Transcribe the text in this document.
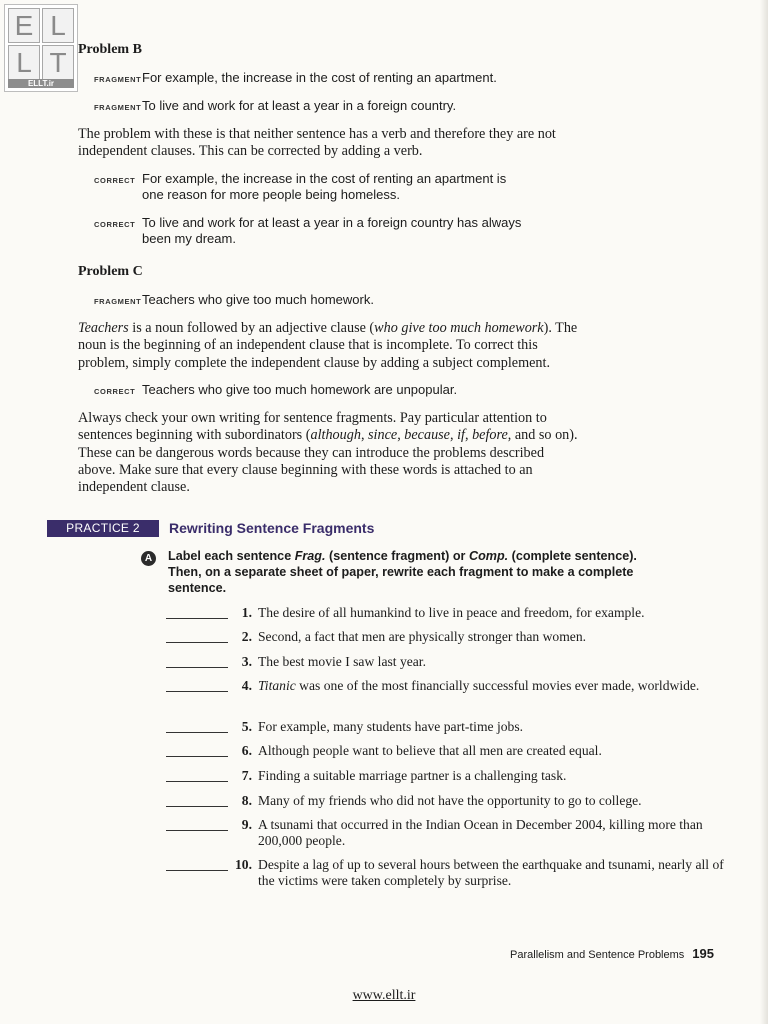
E L
L T
ELLT.ir
Problem B
FRAGMENT For example, the increase in the cost of renting an apartment.
FRAGMENT To live and work for at least a year in a foreign country.
The problem with these is that neither sentence has a verb and therefore they are not
independent clauses. This can be corrected by adding a verb.
CORRECT For example, the increase in the cost of renting an apartment is
one reason for more people being homeless.
CORRECT To live and work for at least a year in a foreign country has always
been my dream.
Problem C
FRAGMENT Teachers who give too much homework.
Teachers is a noun followed by an adjective clause (who give too much homework). The
noun is the beginning of an independent clause that is incomplete. To correct this
problem, simply complete the independent clause by adding a subject complement.
CORRECT Teachers who give too much homework are unpopular.
Always check your own writing for sentence fragments. Pay particular attention to
sentences beginning with subordinators (although, since, because, if, before, and so on).
These can be dangerous words because they can introduce the problems described
above. Make sure that every clause beginning with these words is attached to an
independent clause.
PRACTICE 2	Rewriting Sentence Fragments
A	Label each sentence Frag. (sentence fragment) or Comp. (complete sentence).
Then, on a separate sheet of paper, rewrite each fragment to make a complete
sentence.
1. The desire of all humankind to live in peace and freedom, for example.
2. Second, a fact that men are physically stronger than women.
3. The best movie I saw last year.
4. Titanic was one of the most financially successful movies ever made, worldwide.
5. For example, many students have part-time jobs.
6. Although people want to believe that all men are created equal.
7. Finding a suitable marriage partner is a challenging task.
8. Many of my friends who did not have the opportunity to go to college.
9. A tsunami that occurred in the Indian Ocean in December 2004, killing more than 200,000 people.
10. Despite a lag of up to several hours between the earthquake and tsunami, nearly all of the victims were taken completely by surprise.
Parallelism and Sentence Problems 195
www.ellt.ir
